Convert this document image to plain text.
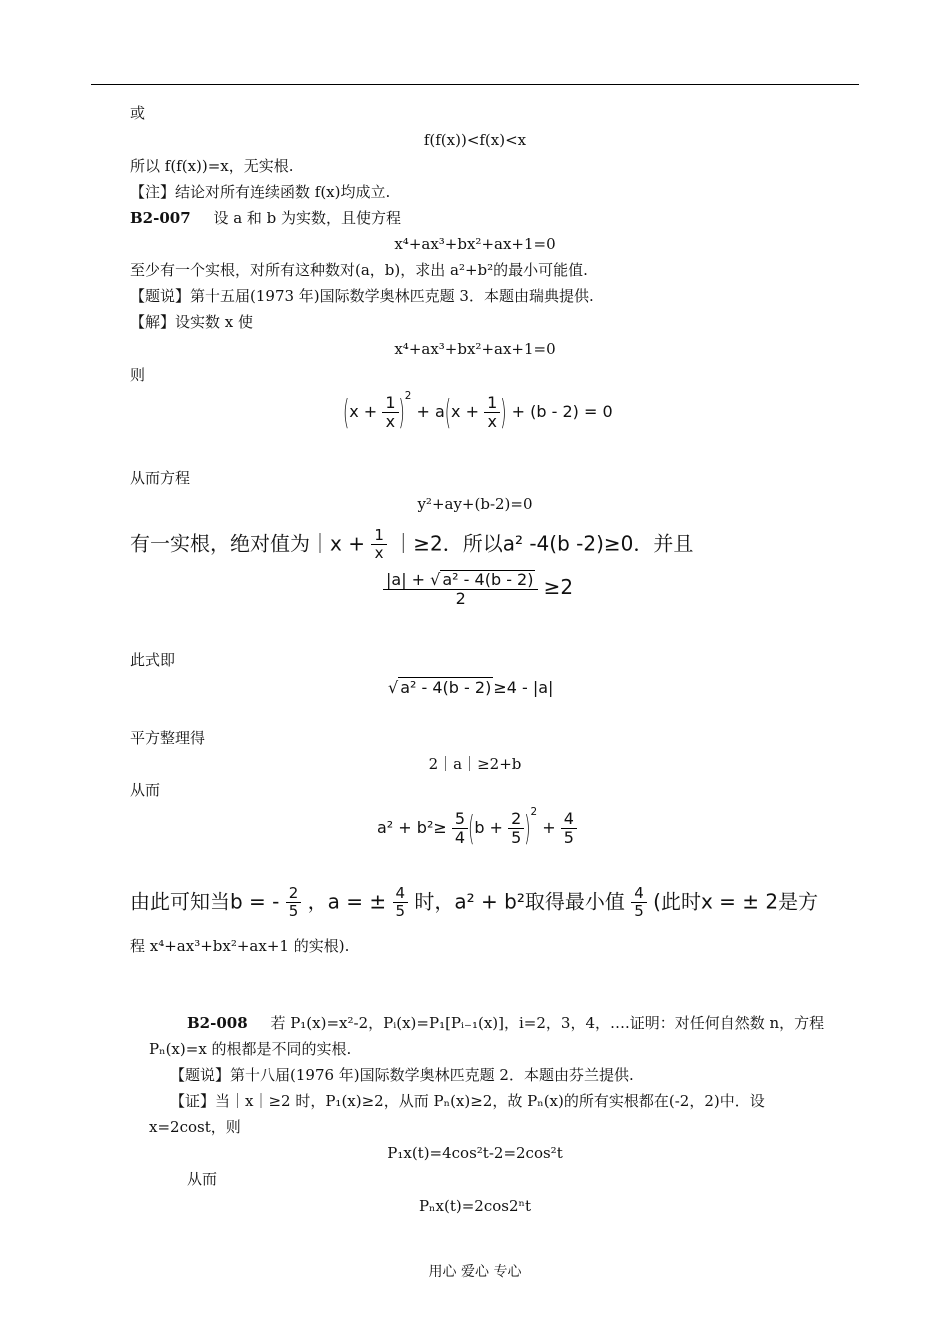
或
f(f(x))<f(x)<x
所以 f(f(x))=x，无实根.
【注】结论对所有连续函数 f(x)均成立.
B2-007 设 a 和 b 为实数，且使方程
x⁴+ax³+bx²+ax+1=0
至少有一个实根，对所有这种数对(a，b)，求出 a²+b²的最小可能值.
【题说】第十五届(1973 年)国际数学奥林匹克题 3．本题由瑞典提供.
【解】设实数 x 使
x⁴+ax³+bx²+ax+1=0
则
$(x + \frac{1}{x} )^2 + a(x + \frac{1}{x}$ ) + (b - 2) = 0
从而方程
y²+ay+(b-2)=0
有一实根，绝对值为｜x + $\frac{1}{x}$ ｜≥2．所以a² -4(b -2)≥0．并且
$\frac{\text{|a| + √ a² - 4(b - 2)}}{2} \ge 2$
此式即
√ a² - 4(b - 2) ≥4 - |a|
平方整理得
2｜a｜≥2+b
从而
$a^2 + b^2\ge \frac{5}{4} (b + \frac{2}{5} )^2 + \frac{4}{5}$
由此可知当b = - $\frac{2}{5}$ ，a = ± $\frac{4}{5}$ 时，a² + b²取得最小值 $\frac{4}{5}$ (此时x = ± 2是方
程 x⁴+ax³+bx²+ax+1 的实根).
B2-008 若 P₁(x)=x²-2，Pᵢ(x)=P₁[Pᵢ₋₁(x)]，i=2，3，4，….证明：对任何自然数 n，方程
Pₙ(x)=x 的根都是不同的实根.
【题说】第十八届(1976 年)国际数学奥林匹克题 2．本题由芬兰提供.
【证】当｜x｜≥2 时，P₁(x)≥2，从而 Pₙ(x)≥2，故 Pₙ(x)的所有实根都在(-2，2)中．设
x=2cost，则
P₁x(t)=4cos²t-2=2cos²t
从而
Pₙx(t)=2cos2ⁿt
用心 爱心 专心
